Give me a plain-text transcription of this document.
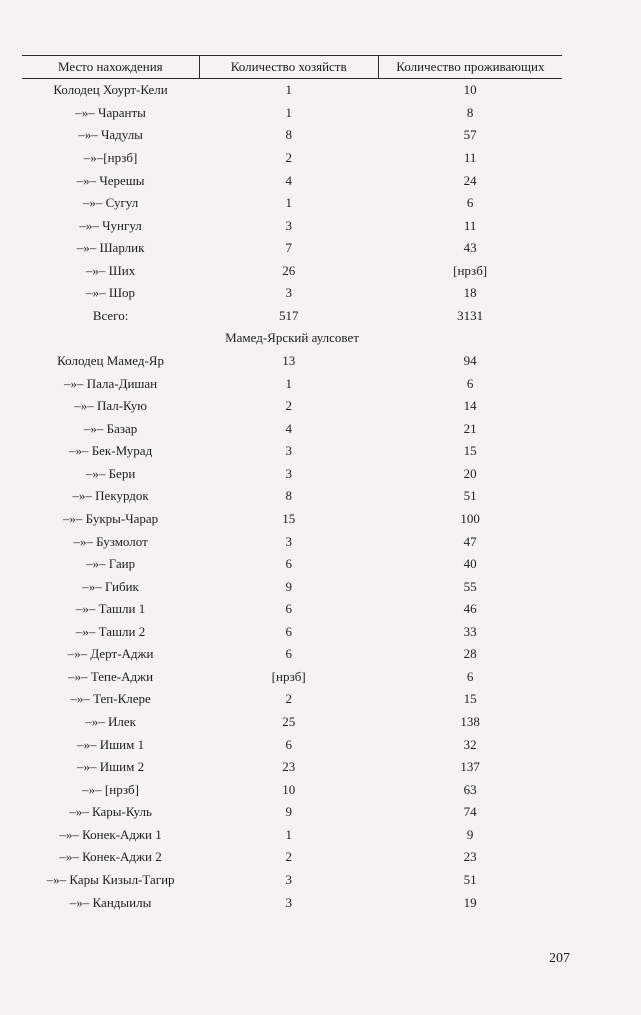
Место нахождения	Количество хозяйств	Количество проживающих
Колодец Хоурт-Кели	1	10
–»– Чаранты	1	8
–»– Чадулы	8	57
–»–[нрзб]	2	11
–»– Черешы	4	24
–»– Сугул	1	6
–»– Чунгул	3	11
–»– Шарлик	7	43
–»– Ших	26	[нрзб]
–»– Шор	3	18
Всего:	517	3131
Мамед-Ярский аулсовет		
Колодец Мамед-Яр	13	94
–»– Пала-Дишан	1	6
–»– Пал-Кую	2	14
–»– Базар	4	21
–»– Бек-Мурад	3	15
–»– Бери	3	20
–»– Пекурдок	8	51
–»– Букры-Чарар	15	100
–»– Бузмолот	3	47
–»– Гаир	6	40
–»– Гибик	9	55
–»– Ташли 1	6	46
–»– Ташли 2	6	33
–»– Дерт-Аджи	6	28
–»– Тепе-Аджи	[нрзб]	6
–»– Теп-Клере	2	15
–»– Илек	25	138
–»– Ишим 1	6	32
–»– Ишим 2	23	137
–»– [нрзб]	10	63
–»– Кары-Куль	9	74
–»– Конек-Аджи 1	1	9
–»– Конек-Аджи 2	2	23
–»– Кары Кизыл-Тагир	3	51
–»– Кандыилы	3	19
207
